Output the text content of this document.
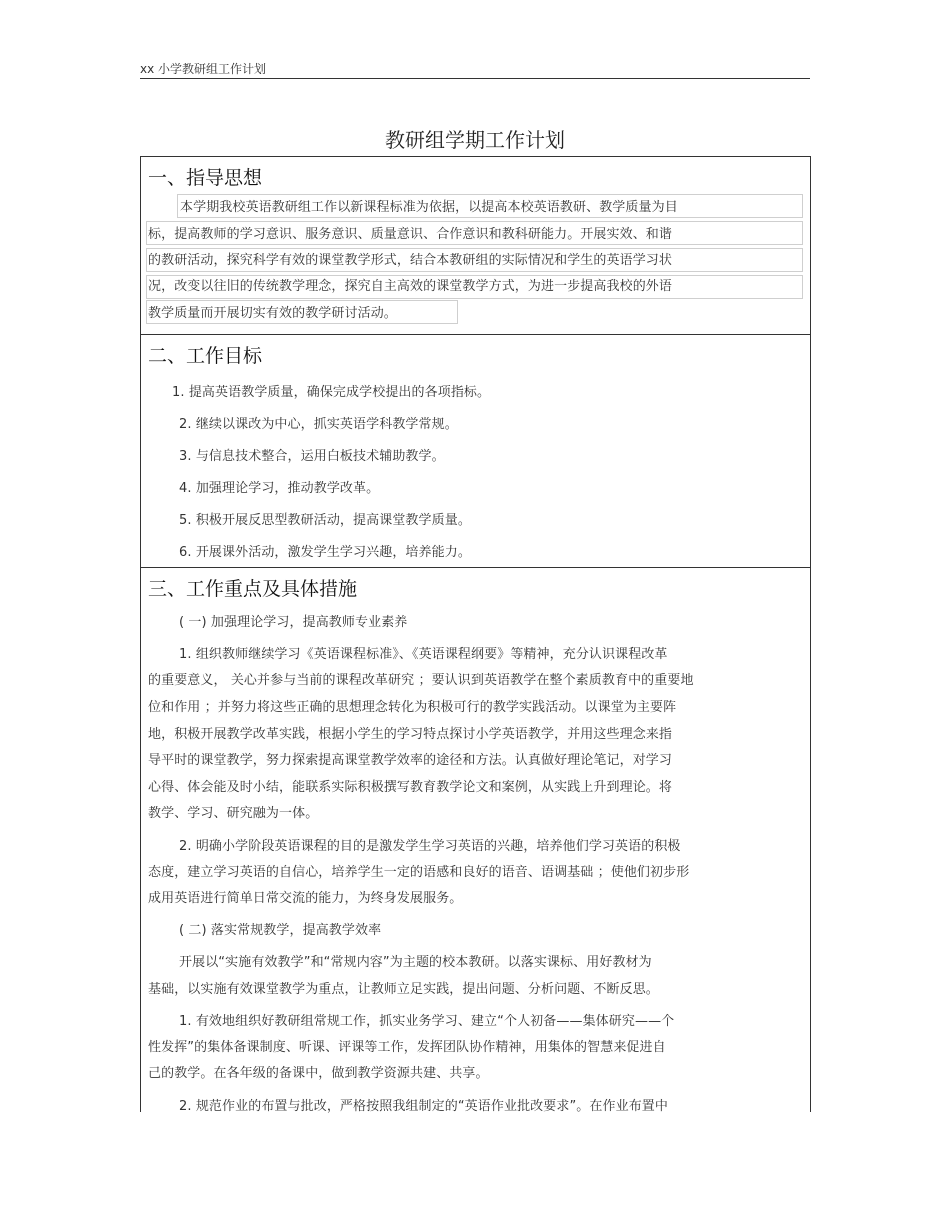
xx 小学教研组工作计划
教研组学期工作计划
一、指导思想
本学期我校英语教研组工作以新课程标准为依据，以提高本校英语教研、教学质量为目
标，提高教师的学习意识、服务意识、质量意识、合作意识和教科研能力。开展实效、和谐
的教研活动，探究科学有效的课堂教学形式，结合本教研组的实际情况和学生的英语学习状
况，改变以往旧的传统教学理念，探究自主高效的课堂教学方式，为进一步提高我校的外语
教学质量而开展切实有效的教学研讨活动。
二、工作目标
1. 提高英语教学质量，确保完成学校提出的各项指标。
2. 继续以课改为中心，抓实英语学科教学常规。
3. 与信息技术整合，运用白板技术辅助教学。
4. 加强理论学习，推动教学改革。
5. 积极开展反思型教研活动，提高课堂教学质量。
6. 开展课外活动，激发学生学习兴趣，培养能力。
三、工作重点及具体措施
( 一) 加强理论学习，提高教师专业素养
1. 组织教师继续学习《英语课程标准》、《英语课程纲要》等精神，充分认识课程改革
的重要意义， 关心并参与当前的课程改革研究 ；要认识到英语教学在整个素质教育中的重要地
位和作用 ；并努力将这些正确的思想理念转化为积极可行的教学实践活动。以课堂为主要阵
地，积极开展教学改革实践，根据小学生的学习特点探讨小学英语教学，并用这些理念来指
导平时的课堂教学，努力探索提高课堂教学效率的途径和方法。认真做好理论笔记，对学习
心得、体会能及时小结，能联系实际积极撰写教育教学论文和案例，从实践上升到理论。将
教学、学习、研究融为一体。
2. 明确小学阶段英语课程的目的是激发学生学习英语的兴趣，培养他们学习英语的积极
态度，建立学习英语的自信心，培养学生一定的语感和良好的语音、语调基础 ；使他们初步形
成用英语进行简单日常交流的能力，为终身发展服务。
( 二) 落实常规教学，提高教学效率
开展以“实施有效教学”和“常规内容”为主题的校本教研。以落实课标、用好教材为
基础，以实施有效课堂教学为重点，让教师立足实践，提出问题、分析问题、不断反思。
1. 有效地组织好教研组常规工作，抓实业务学习、建立“个人初备——集体研究——个
性发挥”的集体备课制度、听课、评课等工作，发挥团队协作精神，用集体的智慧来促进自
己的教学。在各年级的备课中，做到教学资源共建、共享。
2. 规范作业的布置与批改，严格按照我组制定的“英语作业批改要求”。在作业布置中
